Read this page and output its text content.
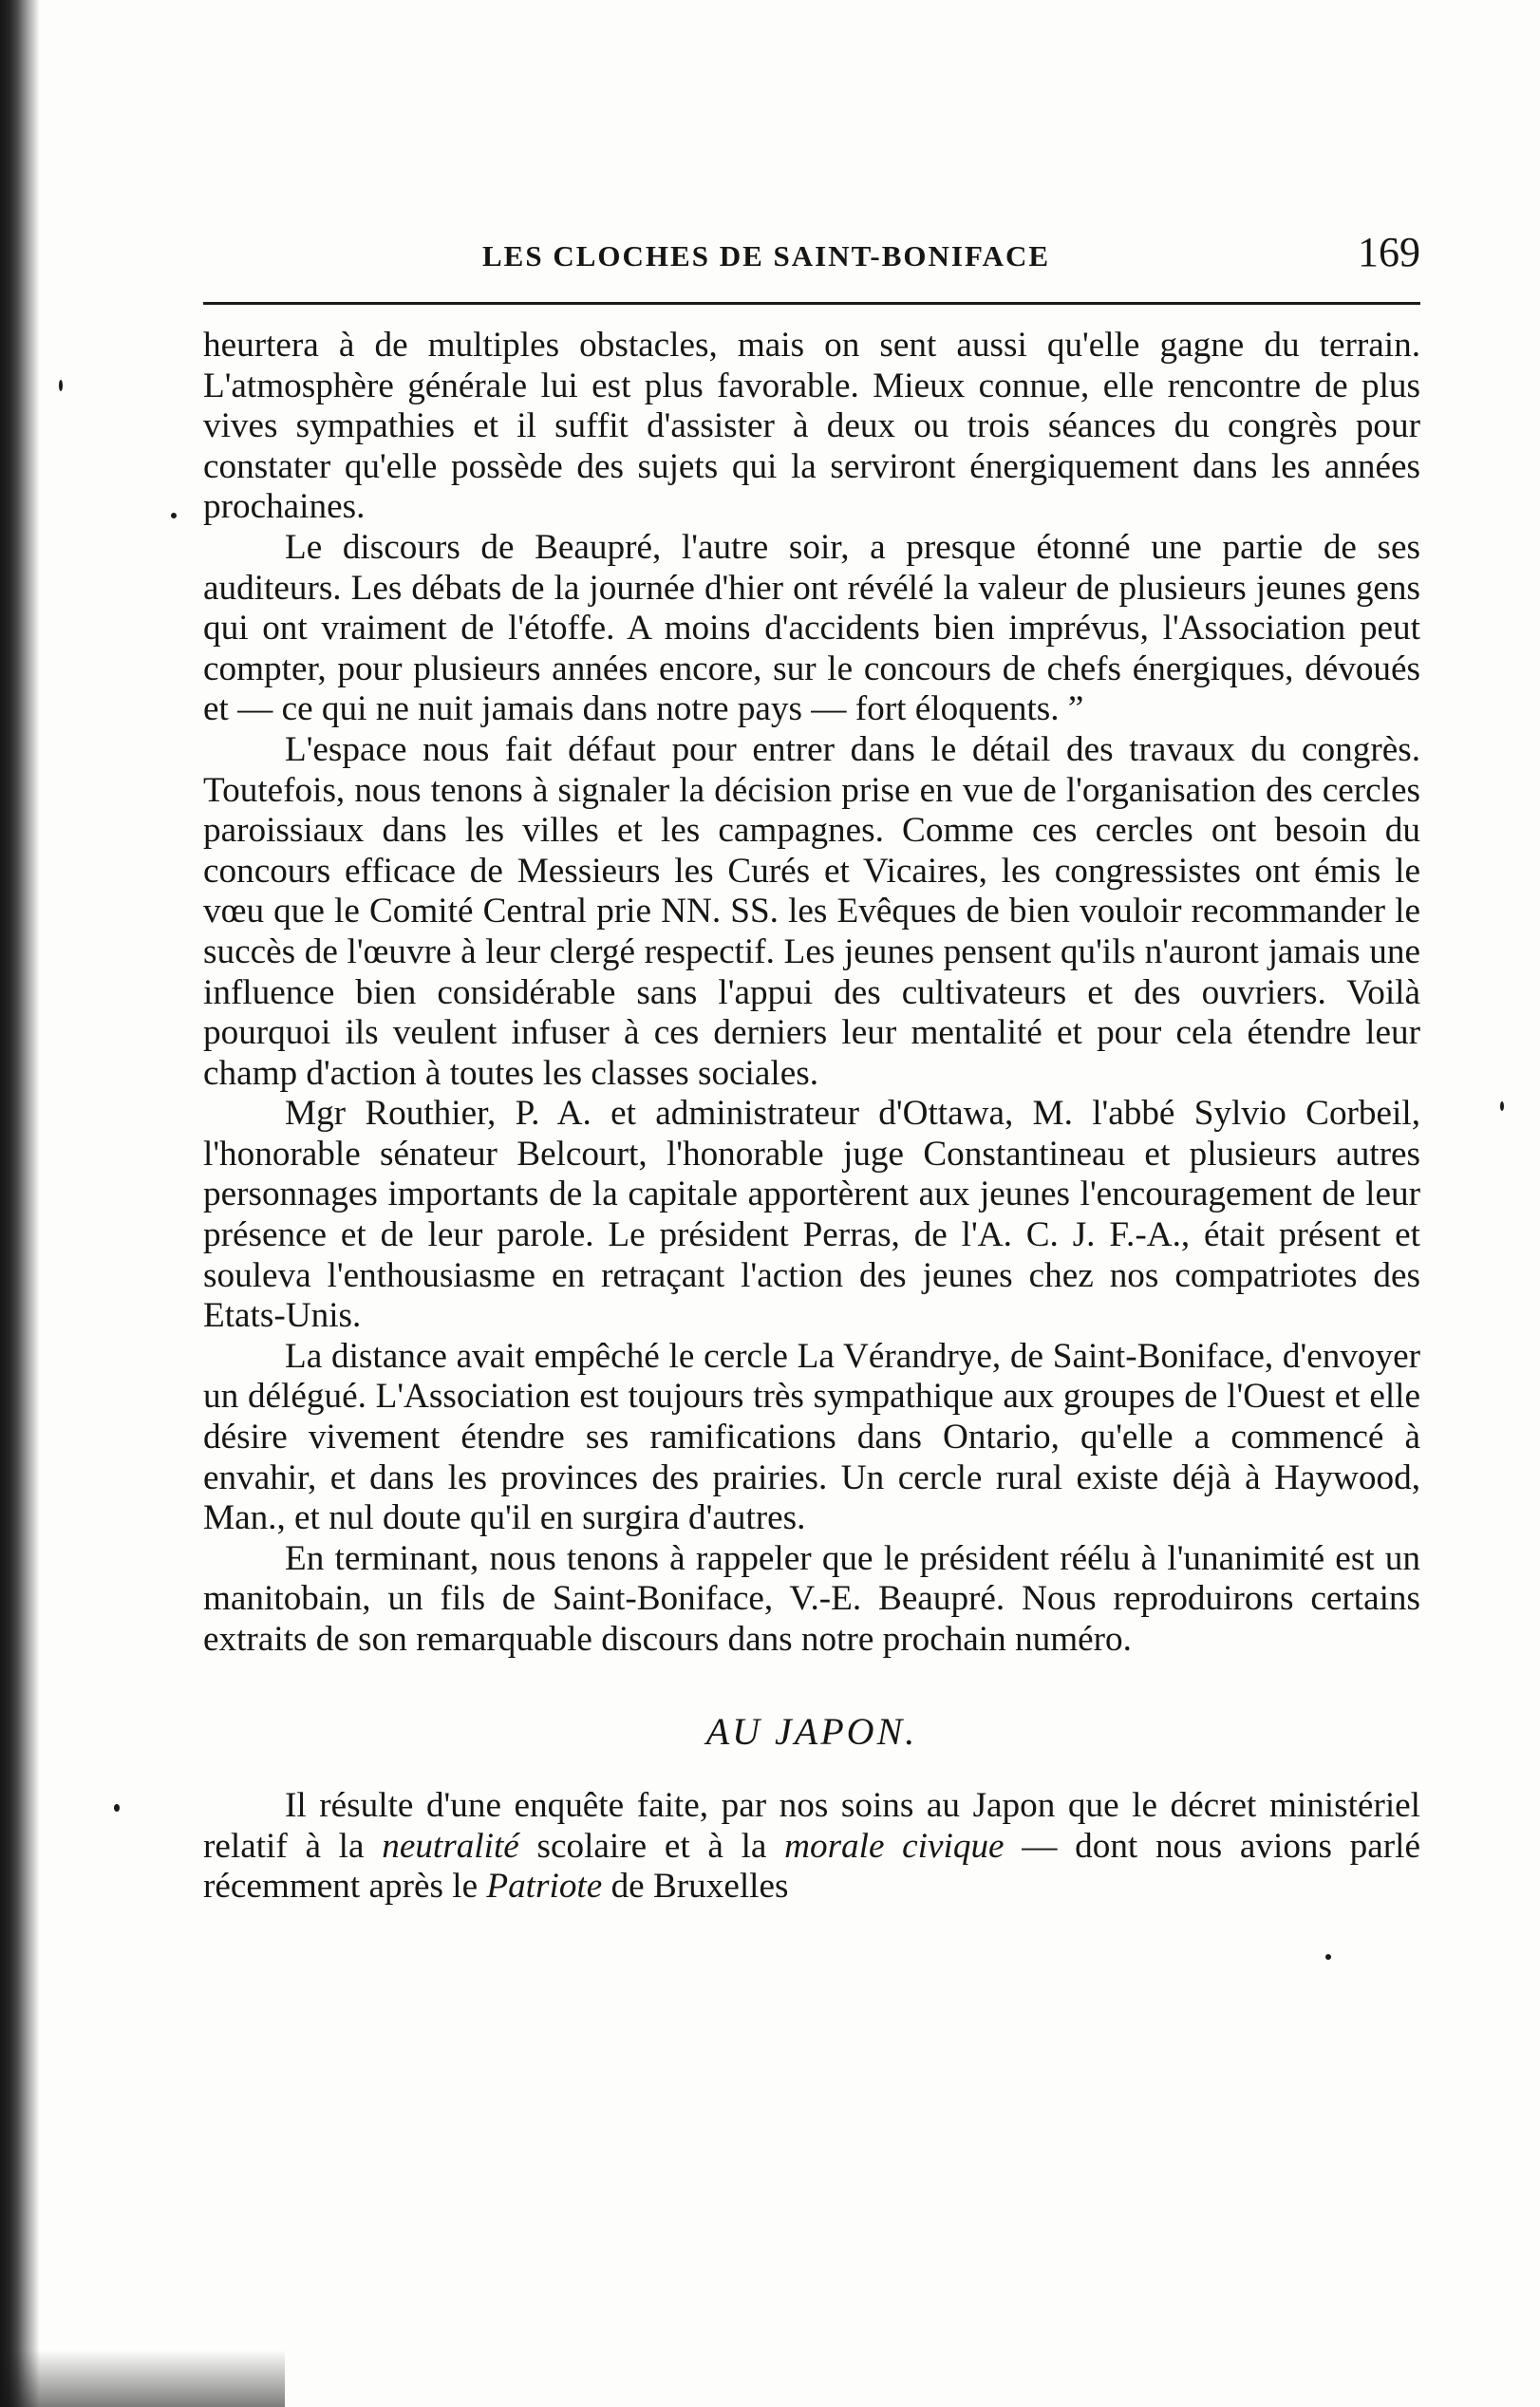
LES CLOCHES DE SAINT-BONIFACE	169

heurtera à de multiples obstacles, mais on sent aussi qu'elle gagne du terrain. L'atmosphère générale lui est plus favorable. Mieux connue, elle rencontre de plus vives sympathies et il suffit d'assister à deux ou trois séances du congrès pour constater qu'elle possède des sujets qui la serviront énergiquement dans les années prochaines.

Le discours de Beaupré, l'autre soir, a presque étonné une partie de ses auditeurs. Les débats de la journée d'hier ont révélé la valeur de plusieurs jeunes gens qui ont vraiment de l'étoffe. A moins d'accidents bien imprévus, l'Association peut compter, pour plusieurs années encore, sur le concours de chefs énergiques, dévoués et — ce qui ne nuit jamais dans notre pays — fort éloquents. ”

L'espace nous fait défaut pour entrer dans le détail des travaux du congrès. Toutefois, nous tenons à signaler la décision prise en vue de l'organisation des cercles paroissiaux dans les villes et les campagnes. Comme ces cercles ont besoin du concours efficace de Messieurs les Curés et Vicaires, les congressistes ont émis le vœu que le Comité Central prie NN. SS. les Evêques de bien vouloir recommander le succès de l'œuvre à leur clergé respectif. Les jeunes pensent qu'ils n'auront jamais une influence bien considérable sans l'appui des cultivateurs et des ouvriers. Voilà pourquoi ils veulent infuser à ces derniers leur mentalité et pour cela étendre leur champ d'action à toutes les classes sociales.

Mgr Routhier, P. A. et administrateur d'Ottawa, M. l'abbé Sylvio Corbeil, l'honorable sénateur Belcourt, l'honorable juge Constantineau et plusieurs autres personnages importants de la capitale apportèrent aux jeunes l'encouragement de leur présence et de leur parole. Le président Perras, de l'A. C. J. F.-A., était présent et souleva l'enthousiasme en retraçant l'action des jeunes chez nos compatriotes des Etats-Unis.

La distance avait empêché le cercle La Vérandrye, de Saint-Boniface, d'envoyer un délégué. L'Association est toujours très sympathique aux groupes de l'Ouest et elle désire vivement étendre ses ramifications dans Ontario, qu'elle a commencé à envahir, et dans les provinces des prairies. Un cercle rural existe déjà à Haywood, Man., et nul doute qu'il en surgira d'autres.

En terminant, nous tenons à rappeler que le président réélu à l'unanimité est un manitobain, un fils de Saint-Boniface, V.-E. Beaupré. Nous reproduirons certains extraits de son remarquable discours dans notre prochain numéro.

AU JAPON.

Il résulte d'une enquête faite, par nos soins au Japon que le décret ministériel relatif à la neutralité scolaire et à la morale civique — dont nous avions parlé récemment après le Patriote de Bruxelles
